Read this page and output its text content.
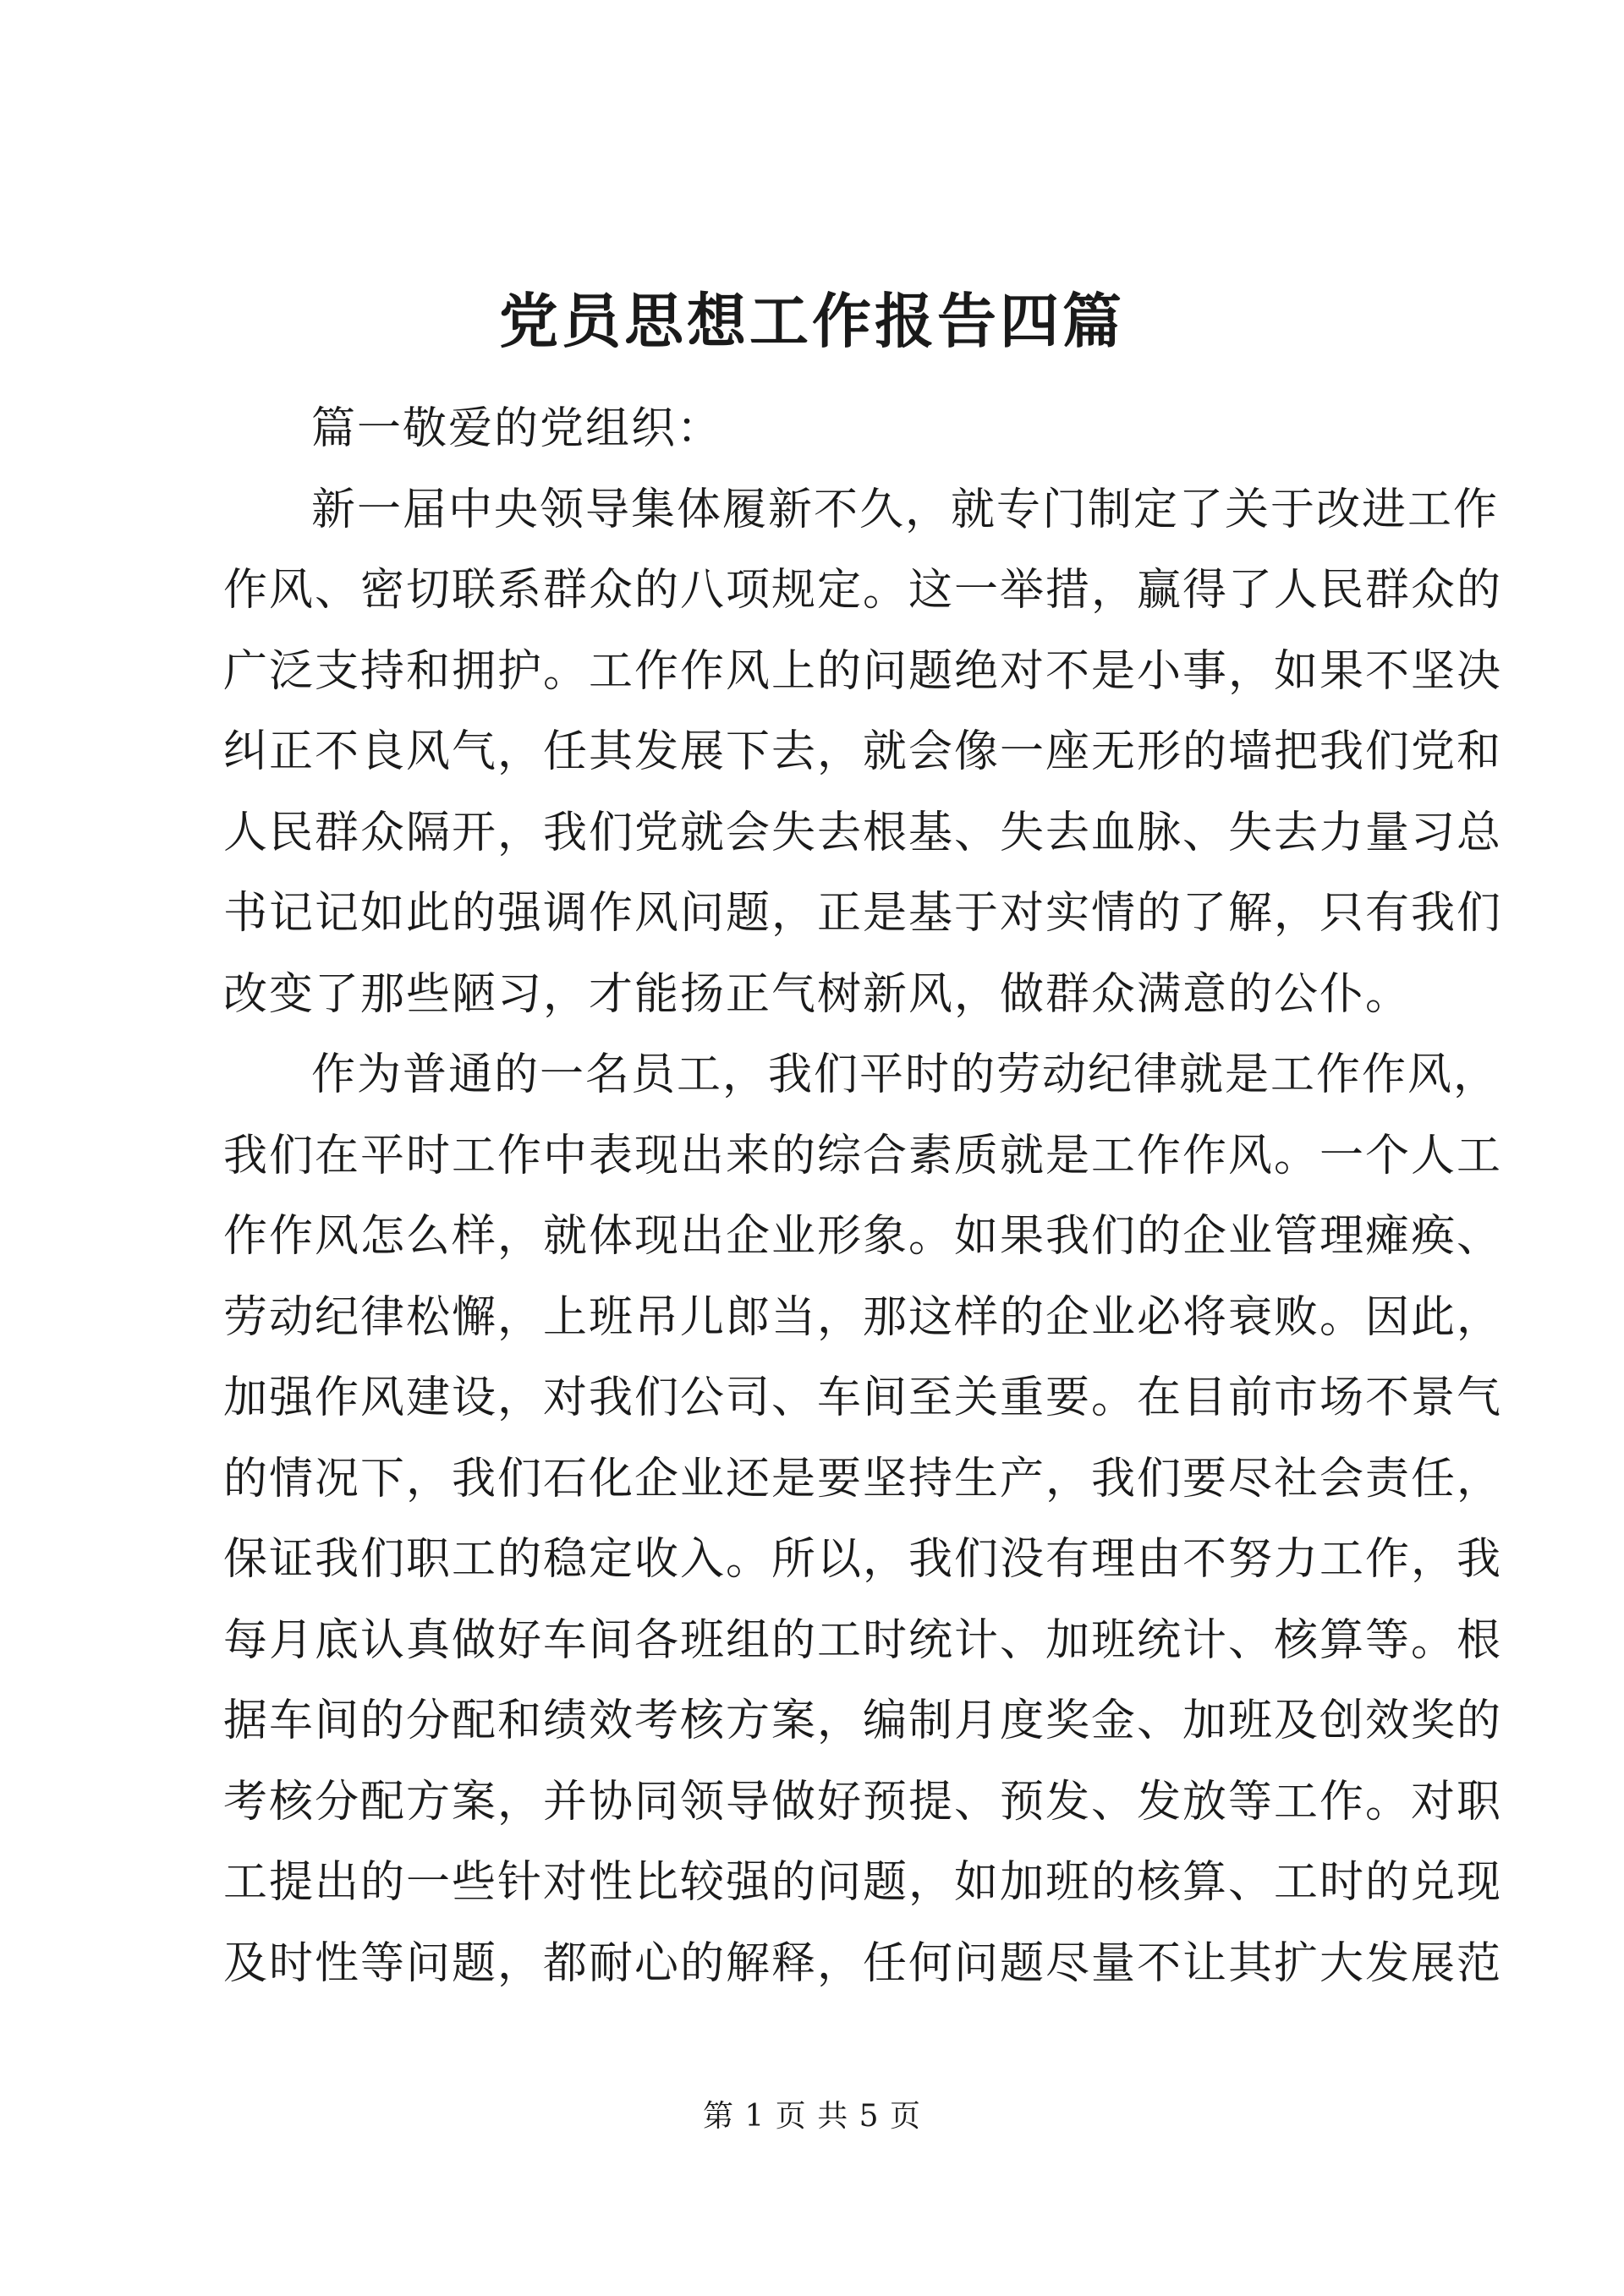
党员思想工作报告四篇

篇一敬爱的党组织：

新一届中央领导集体履新不久，就专门制定了关于改进工作
作风、密切联系群众的八项规定。这一举措，赢得了人民群众的
广泛支持和拥护。工作作风上的问题绝对不是小事，如果不坚决
纠正不良风气，任其发展下去，就会像一座无形的墙把我们党和
人民群众隔开，我们党就会失去根基、失去血脉、失去力量习总
书记记如此的强调作风问题，正是基于对实情的了解，只有我们
改变了那些陋习，才能扬正气树新风，做群众满意的公仆。

作为普通的一名员工，我们平时的劳动纪律就是工作作风，
我们在平时工作中表现出来的综合素质就是工作作风。一个人工
作作风怎么样，就体现出企业形象。如果我们的企业管理瘫痪、
劳动纪律松懈，上班吊儿郎当，那这样的企业必将衰败。因此，
加强作风建设，对我们公司、车间至关重要。在目前市场不景气
的情况下，我们石化企业还是要坚持生产，我们要尽社会责任，
保证我们职工的稳定收入。所以，我们没有理由不努力工作，我
每月底认真做好车间各班组的工时统计、加班统计、核算等。根
据车间的分配和绩效考核方案，编制月度奖金、加班及创效奖的
考核分配方案，并协同领导做好预提、预发、发放等工作。对职
工提出的一些针对性比较强的问题，如加班的核算、工时的兑现
及时性等问题，都耐心的解释，任何问题尽量不让其扩大发展范

第 1 页 共 5 页
